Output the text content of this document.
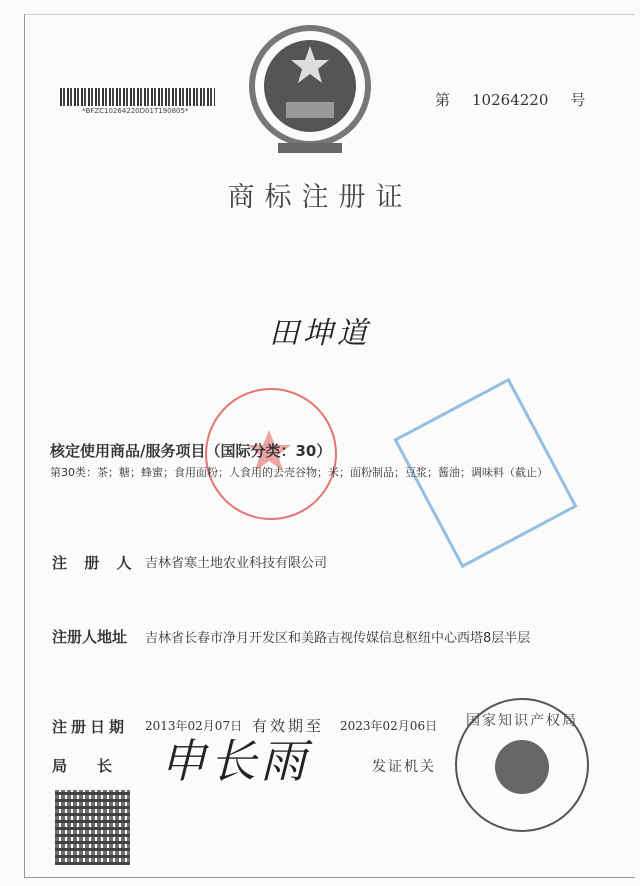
*BFZC10264220D01T190805*
第 10264220 号
商标注册证
田坤道
核定使用商品/服务项目（国际分类：30）
第30类：茶；糖；蜂蜜；食用面粉；人食用的去壳谷物；米；面粉制品；豆浆；酱油；调味料（截止）
注 册 人 吉林省寒土地农业科技有限公司
注册人地址 吉林省长春市净月开发区和美路吉视传媒信息枢纽中心西塔8层半层
注册日期 2013年02月07日 有效期至 2023年02月06日
局　　长 申长雨	发证机关
国家知识产权局
